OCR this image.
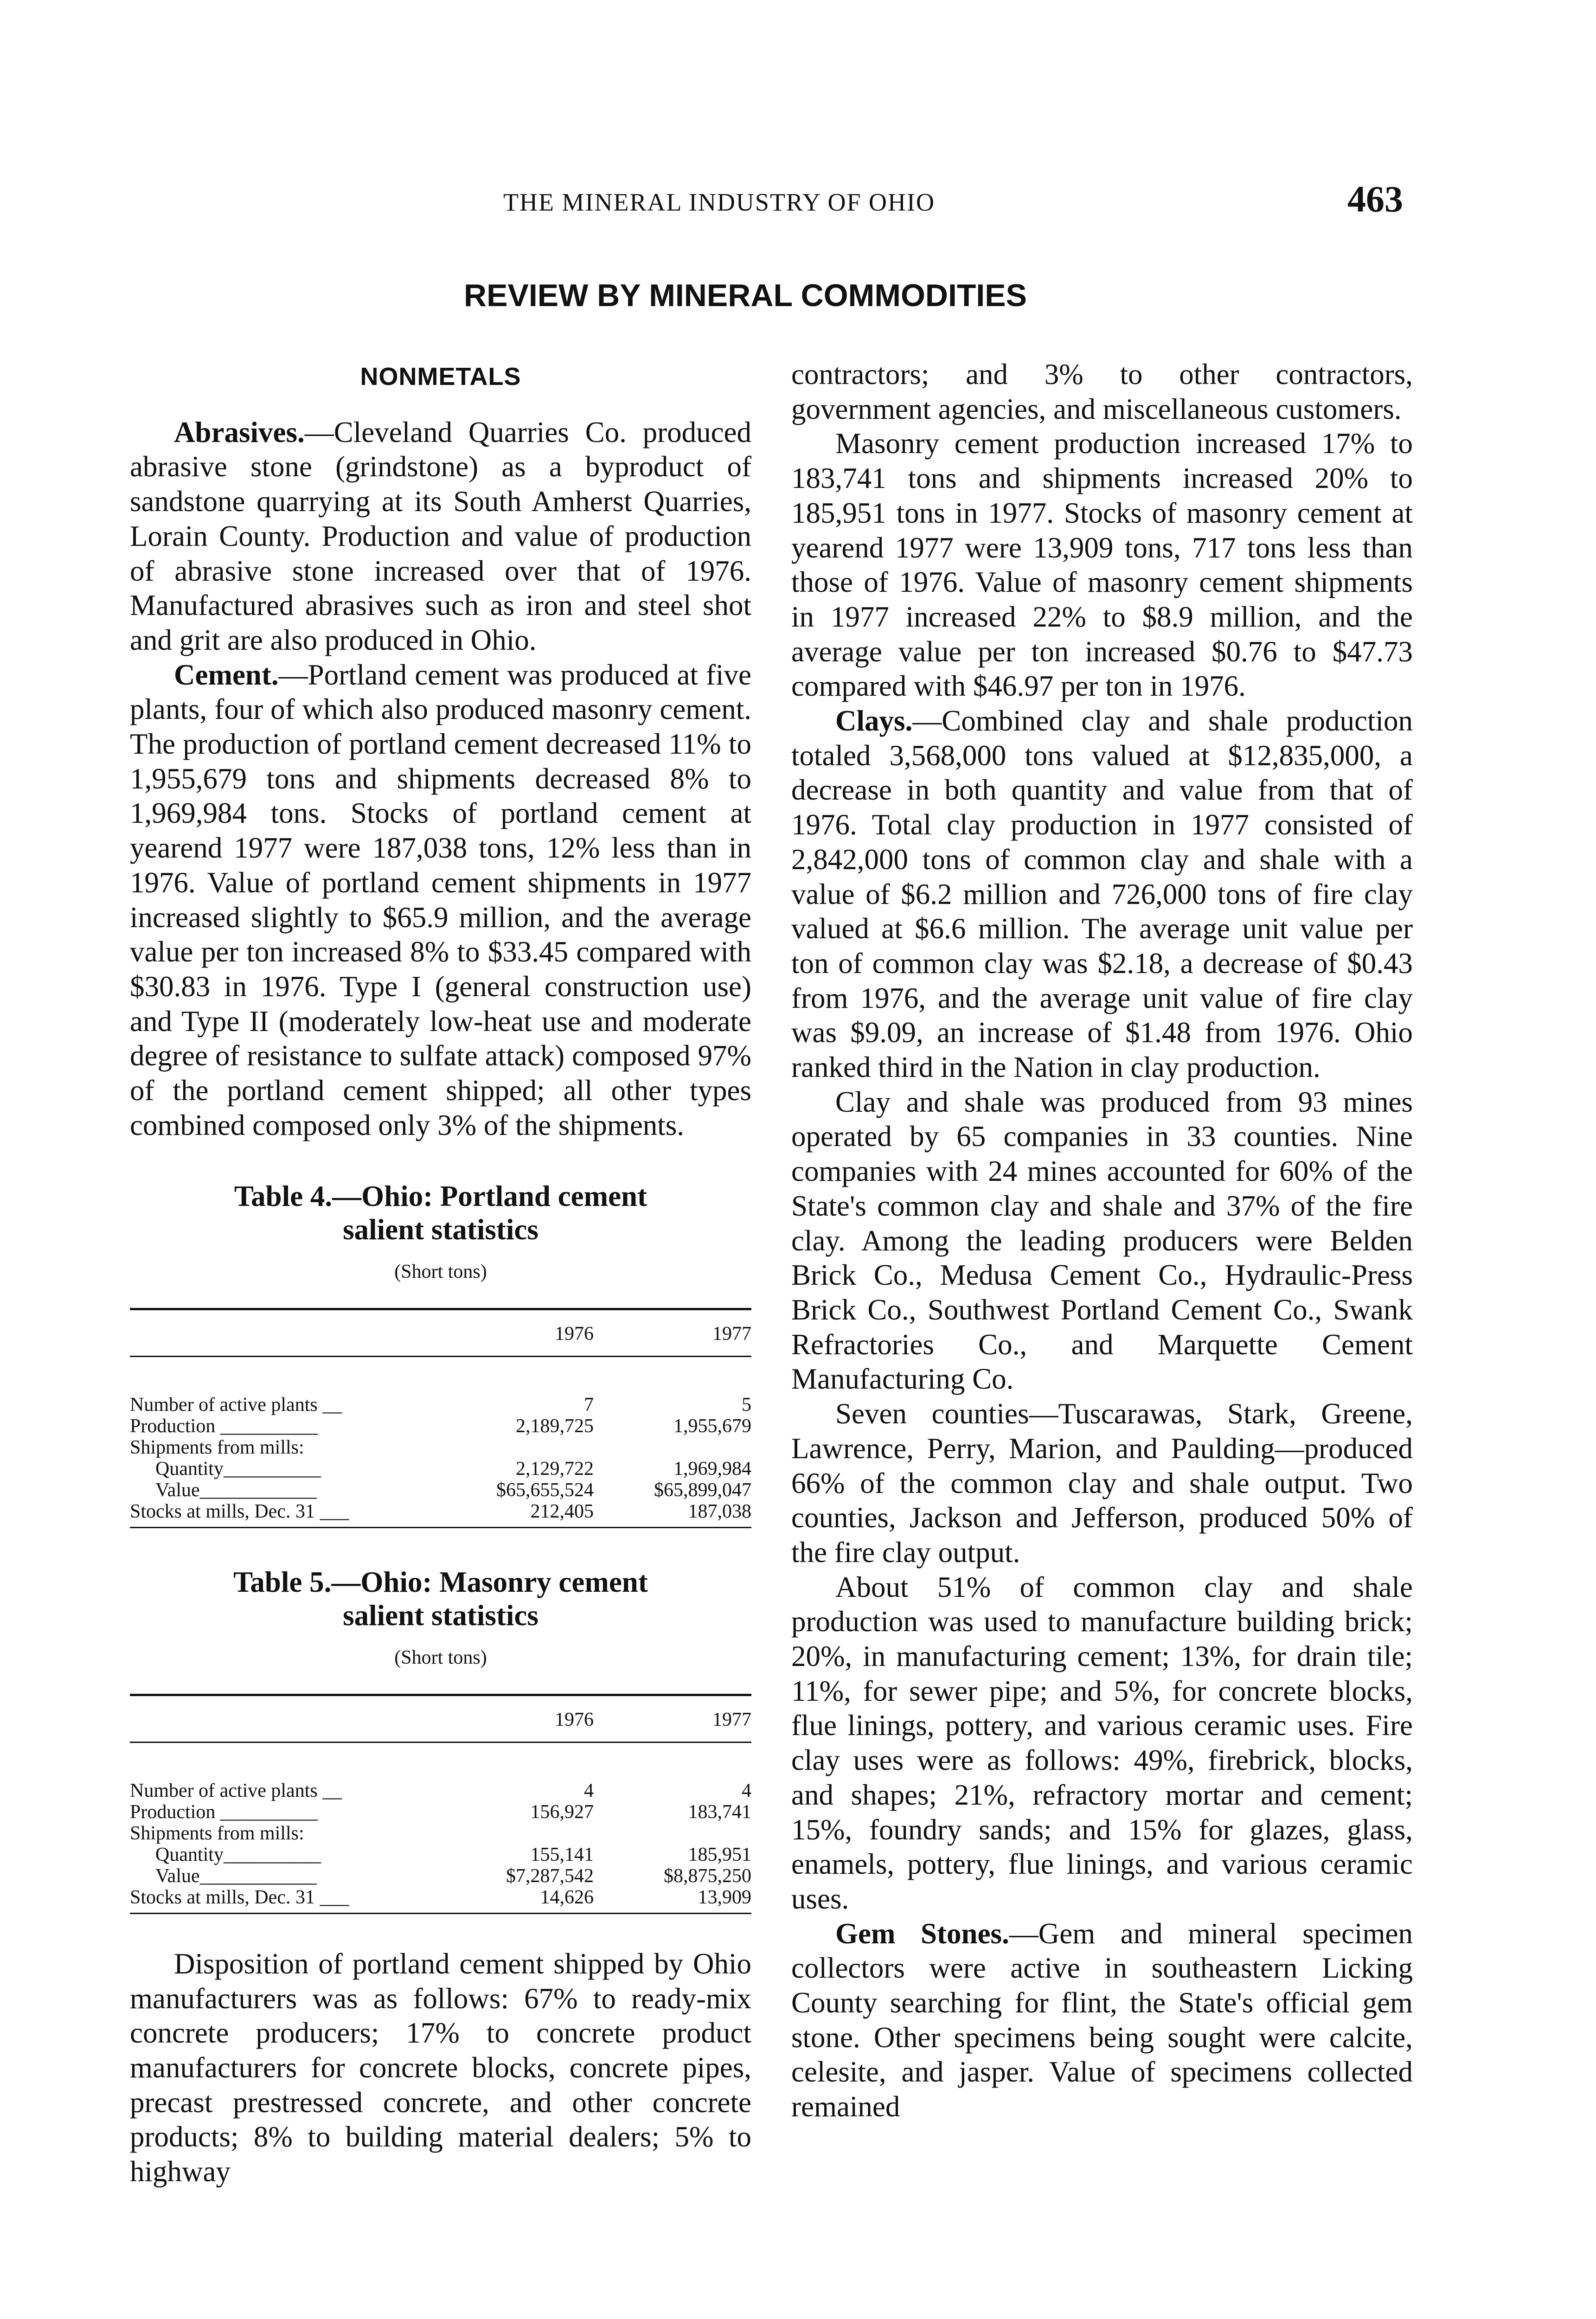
THE MINERAL INDUSTRY OF OHIO	463
REVIEW BY MINERAL COMMODITIES
NONMETALS

Abrasives.—Cleveland Quarries Co. produced abrasive stone (grindstone) as a byproduct of sandstone quarrying at its South Amherst Quarries, Lorain County. Production and value of production of abrasive stone increased over that of 1976. Manufactured abrasives such as iron and steel shot and grit are also produced in Ohio.

Cement.—Portland cement was produced at five plants, four of which also produced masonry cement. The production of portland cement decreased 11% to 1,955,679 tons and shipments decreased 8% to 1,969,984 tons. Stocks of portland cement at yearend 1977 were 187,038 tons, 12% less than in 1976. Value of portland cement shipments in 1977 increased slightly to $65.9 million, and the average value per ton increased 8% to $33.45 compared with $30.83 in 1976. Type I (general construction use) and Type II (moderately low-heat use and moderate degree of resistance to sulfate attack) composed 97% of the portland cement shipped; all other types combined composed only 3% of the shipments.

Table 4.—Ohio: Portland cement salient statistics
(Short tons)
	1976	1977
Number of active plants __	7	5
Production __________	2,189,725	1,955,679
Shipments from mills:		
Quantity__________	2,129,722	1,969,984
Value____________	$65,655,524	$65,899,047
Stocks at mills, Dec. 31 ___	212,405	187,038
Table 5.—Ohio: Masonry cement salient statistics
(Short tons)
	1976	1977
Number of active plants __	4	4
Production __________	156,927	183,741
Shipments from mills:		
Quantity__________	155,141	185,951
Value____________	$7,287,542	$8,875,250
Stocks at mills, Dec. 31 ___	14,626	13,909

Disposition of portland cement shipped by Ohio manufacturers was as follows: 67% to ready-mix concrete producers; 17% to concrete product manufacturers for concrete blocks, concrete pipes, precast prestressed concrete, and other concrete products; 8% to building material dealers; 5% to highway

contractors; and 3% to other contractors, government agencies, and miscellaneous customers.

Masonry cement production increased 17% to 183,741 tons and shipments increased 20% to 185,951 tons in 1977. Stocks of masonry cement at yearend 1977 were 13,909 tons, 717 tons less than those of 1976. Value of masonry cement shipments in 1977 increased 22% to $8.9 million, and the average value per ton increased $0.76 to $47.73 compared with $46.97 per ton in 1976.

Clays.—Combined clay and shale production totaled 3,568,000 tons valued at $12,835,000, a decrease in both quantity and value from that of 1976. Total clay production in 1977 consisted of 2,842,000 tons of common clay and shale with a value of $6.2 million and 726,000 tons of fire clay valued at $6.6 million. The average unit value per ton of common clay was $2.18, a decrease of $0.43 from 1976, and the average unit value of fire clay was $9.09, an increase of $1.48 from 1976. Ohio ranked third in the Nation in clay production.

Clay and shale was produced from 93 mines operated by 65 companies in 33 counties. Nine companies with 24 mines accounted for 60% of the State's common clay and shale and 37% of the fire clay. Among the leading producers were Belden Brick Co., Medusa Cement Co., Hydraulic-Press Brick Co., Southwest Portland Cement Co., Swank Refractories Co., and Marquette Cement Manufacturing Co.

Seven counties—Tuscarawas, Stark, Greene, Lawrence, Perry, Marion, and Paulding—produced 66% of the common clay and shale output. Two counties, Jackson and Jefferson, produced 50% of the fire clay output.

About 51% of common clay and shale production was used to manufacture building brick; 20%, in manufacturing cement; 13%, for drain tile; 11%, for sewer pipe; and 5%, for concrete blocks, flue linings, pottery, and various ceramic uses. Fire clay uses were as follows: 49%, firebrick, blocks, and shapes; 21%, refractory mortar and cement; 15%, foundry sands; and 15% for glazes, glass, enamels, pottery, flue linings, and various ceramic uses.

Gem Stones.—Gem and mineral specimen collectors were active in southeastern Licking County searching for flint, the State's official gem stone. Other specimens being sought were calcite, celesite, and jasper. Value of specimens collected remained
